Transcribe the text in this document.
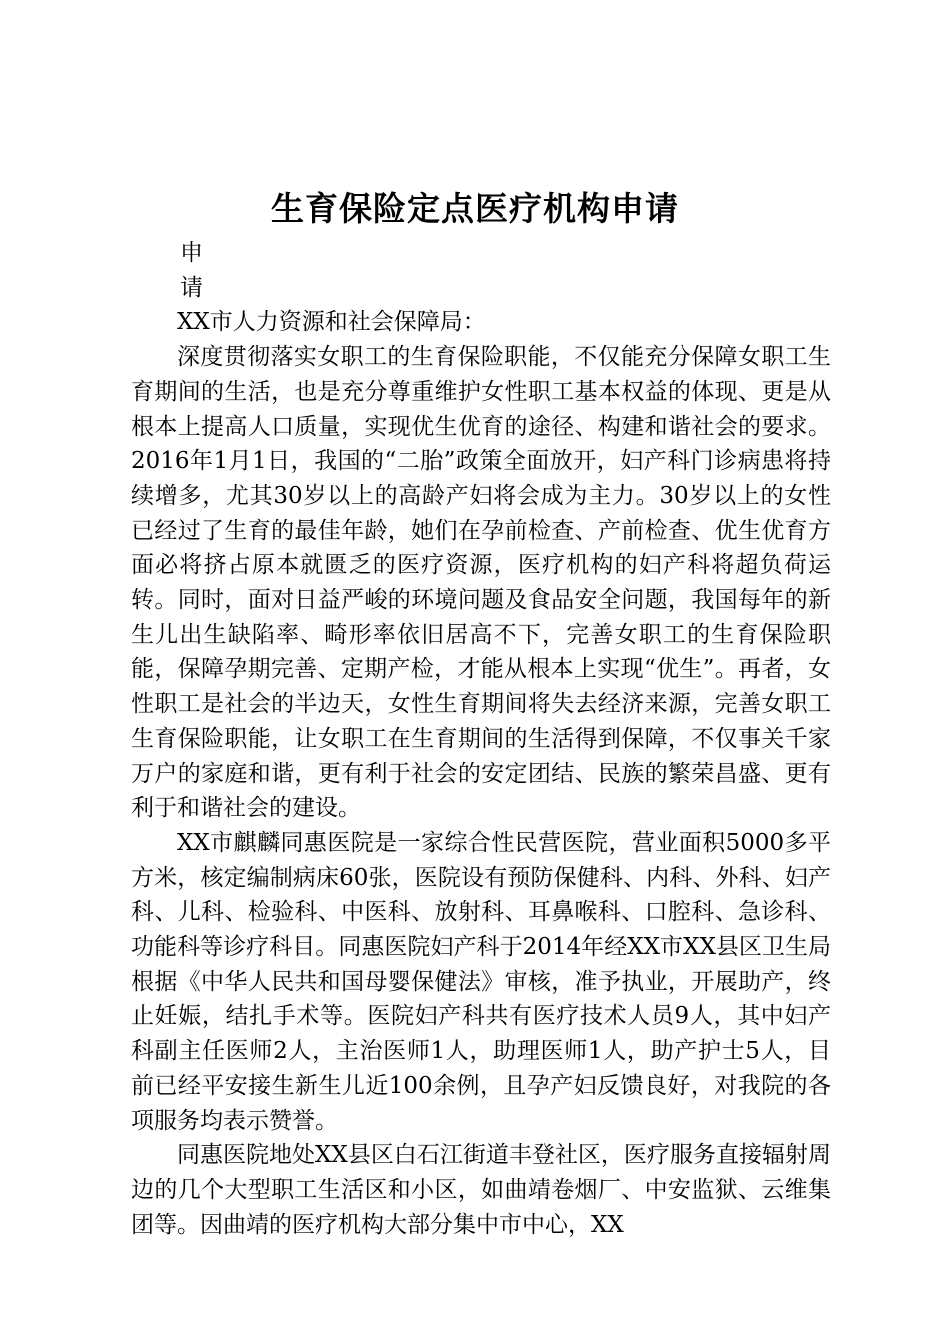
生育保险定点医疗机构申请

申

请

XX市人力资源和社会保障局：

深度贯彻落实女职工的生育保险职能，不仅能充分保障女职工生育期间的生活，也是充分尊重维护女性职工基本权益的体现、更是从根本上提高人口质量，实现优生优育的途径、构建和谐社会的要求。2016年1月1日，我国的“二胎”政策全面放开，妇产科门诊病患将持续增多，尤其30岁以上的高龄产妇将会成为主力。30岁以上的女性已经过了生育的最佳年龄，她们在孕前检查、产前检查、优生优育方面必将挤占原本就匮乏的医疗资源，医疗机构的妇产科将超负荷运转。同时，面对日益严峻的环境问题及食品安全问题，我国每年的新生儿出生缺陷率、畸形率依旧居高不下，完善女职工的生育保险职能，保障孕期完善、定期产检，才能从根本上实现“优生”。再者，女性职工是社会的半边天，女性生育期间将失去经济来源，完善女职工生育保险职能，让女职工在生育期间的生活得到保障，不仅事关千家万户的家庭和谐，更有利于社会的安定团结、民族的繁荣昌盛、更有利于和谐社会的建设。

XX市麒麟同惠医院是一家综合性民营医院，营业面积5000多平方米，核定编制病床60张，医院设有预防保健科、内科、外科、妇产科、儿科、检验科、中医科、放射科、耳鼻喉科、口腔科、急诊科、功能科等诊疗科目。同惠医院妇产科于2014年经XX市XX县区卫生局根据《中华人民共和国母婴保健法》审核，准予执业，开展助产，终止妊娠，结扎手术等。医院妇产科共有医疗技术人员9人，其中妇产科副主任医师2人，主治医师1人，助理医师1人，助产护士5人，目前已经平安接生新生儿近100余例，且孕产妇反馈良好，对我院的各项服务均表示赞誉。

同惠医院地处XX县区白石江街道丰登社区，医疗服务直接辐射周边的几个大型职工生活区和小区，如曲靖卷烟厂、中安监狱、云维集团等。因曲靖的医疗机构大部分集中市中心，XX
